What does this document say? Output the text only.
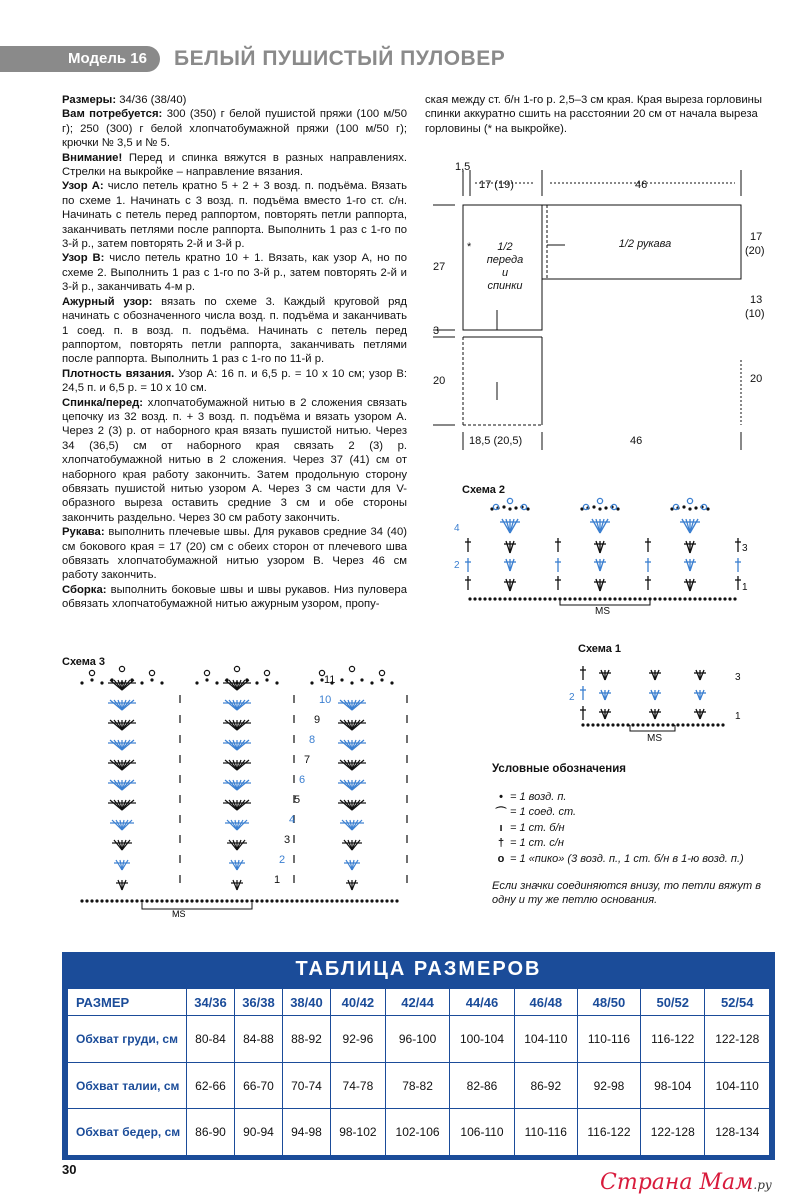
Модель 16	БЕЛЫЙ ПУШИСТЫЙ ПУЛОВЕР

Размеры: 34/36 (38/40)

Вам потребуется: 300 (350) г белой пушистой пряжи (100 м/50 г); 250 (300) г белой хлопчатобумажной пряжи (100 м/50 г); крючки № 3,5 и № 5.

Внимание! Перед и спинка вяжутся в разных направлениях. Стрелки на выкройке – направление вязания.

Узор А: число петель кратно 5 + 2 + 3 возд. п. подъёма. Вязать по схеме 1. Начинать с 3 возд. п. подъёма вместо 1-го ст. с/н. Начинать с петель перед раппортом, повторять петли раппорта, заканчивать петлями после раппорта. Выполнить 1 раз с 1-го по 3-й р., затем повторять 2-й и 3-й р.

Узор В: число петель кратно 10 + 1. Вязать, как узор А, но по схеме 2. Выполнить 1 раз с 1-го по 3-й р., затем повторять 2-й и 3-й р., заканчивать 4-м р.

Ажурный узор: вязать по схеме 3. Каждый круговой ряд начинать с обозначенного числа возд. п. подъёма и заканчивать 1 соед. п. в возд. п. подъёма. Начинать с петель перед раппортом, повторять петли раппорта, заканчивать петлями после раппорта. Выполнить 1 раз с 1-го по 11-й р.

Плотность вязания. Узор А: 16 п. и 6,5 р. = 10 х 10 см; узор В: 24,5 п. и 6,5 р. = 10 х 10 см.

Спинка/перед: хлопчатобумажной нитью в 2 сложения связать цепочку из 32 возд. п. + 3 возд. п. подъёма и вязать узором А. Через 2 (3) р. от наборного края вязать пушистой нитью. Через 34 (36,5) см от наборного края связать 2 (3) р. хлопчатобумажной нитью в 2 сложения. Через 37 (41) см от наборного края работу закончить. Затем продольную сторону обвязать пушистой нитью узором А. Через 3 см части для V-образного выреза оставить средние 3 см и обе стороны закончить раздельно. Через 30 см работу закончить.

Рукава: выполнить плечевые швы. Для рукавов средние 34 (40) см бокового края = 17 (20) см с обеих сторон от плечевого шва обвязать хлопчатобумажной нитью узором В. Через 46 см работу закончить.

Сборка: выполнить боковые швы и швы рукавов. Низ пуловера обвязать хлопчатобумажной нитью ажурным узором, пропу-

ская между ст. б/н 1-го р. 2,5–3 см края. Края выреза горловины спинки аккуратно сшить на расстоянии 20 см от начала выреза горловины (* на выкройке).

1,5
17 (19)	46
27
3
20
* 1/2
переда
и
спинки
1/2 рукава
17
(20)
13
(10)
20
18,5 (20,5)	46
Схема 2
4
2
3
1
MS
Схема 1
3
1
MS
2
Схема 3
11
10
9
8
7
6
5
4
3
2
1
MS
Условные обозначения
• = 1 возд. п.
⌒ = 1 соед. ст.
ı = 1 ст. б/н
† = 1 ст. с/н
o = 1 «пико» (3 возд. п., 1 ст. б/н в 1-ю возд. п.)
Если значки соединяются внизу, то петли вяжут в одну и ту же петлю основания.
ТАБЛИЦА РАЗМЕРОВ
РАЗМЕР	34/36	36/38	38/40	40/42	42/44	44/46	46/48	48/50	50/52	52/54
Обхват груди, см	80-84	84-88	88-92	92-96	96-100	100-104	104-110	110-116	116-122	122-128
Обхват талии, см	62-66	66-70	70-74	74-78	78-82	82-86	86-92	92-98	98-104	104-110
Обхват бедер, см	86-90	90-94	94-98	98-102	102-106	106-110	110-116	116-122	122-128	128-134
30
Страна Мам.ру
